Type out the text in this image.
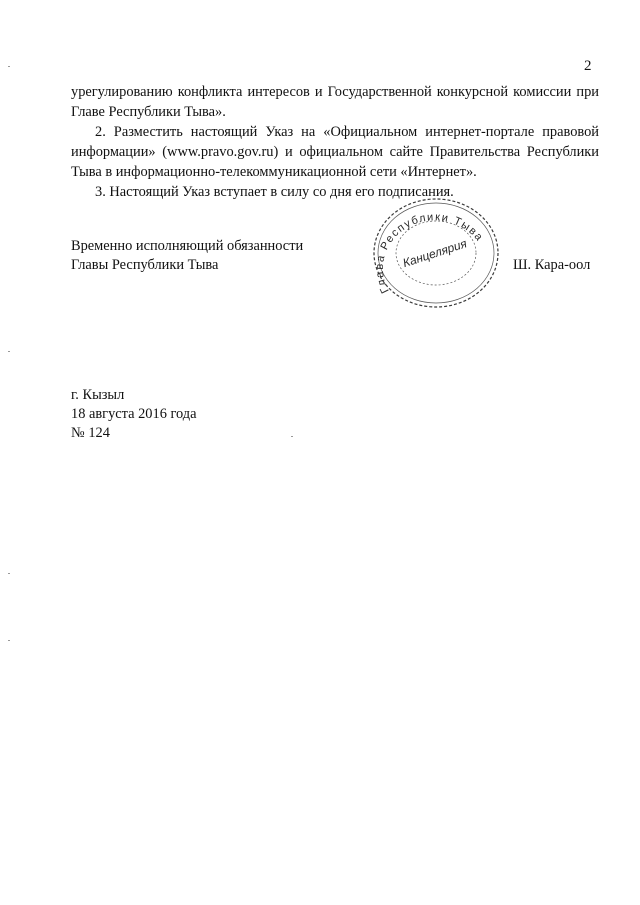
2

урегулированию конфликта интересов и Государственной конкурсной комиссии при Главе Республики Тыва».

2. Разместить настоящий Указ на «Официальном интернет-портале правовой информации» (www.pravo.gov.ru) и официальном сайте Правительства Республики Тыва в информационно-телекоммуникационной сети «Интернет».

3. Настоящий Указ вступает в силу со дня его подписания.

Временно исполняющий обязанности
Главы Республики Тыва
Глава Республики Тыва
Канцелярия	Ш. Кара-оол
г. Кызыл
18 августа 2016 года
№ 124
